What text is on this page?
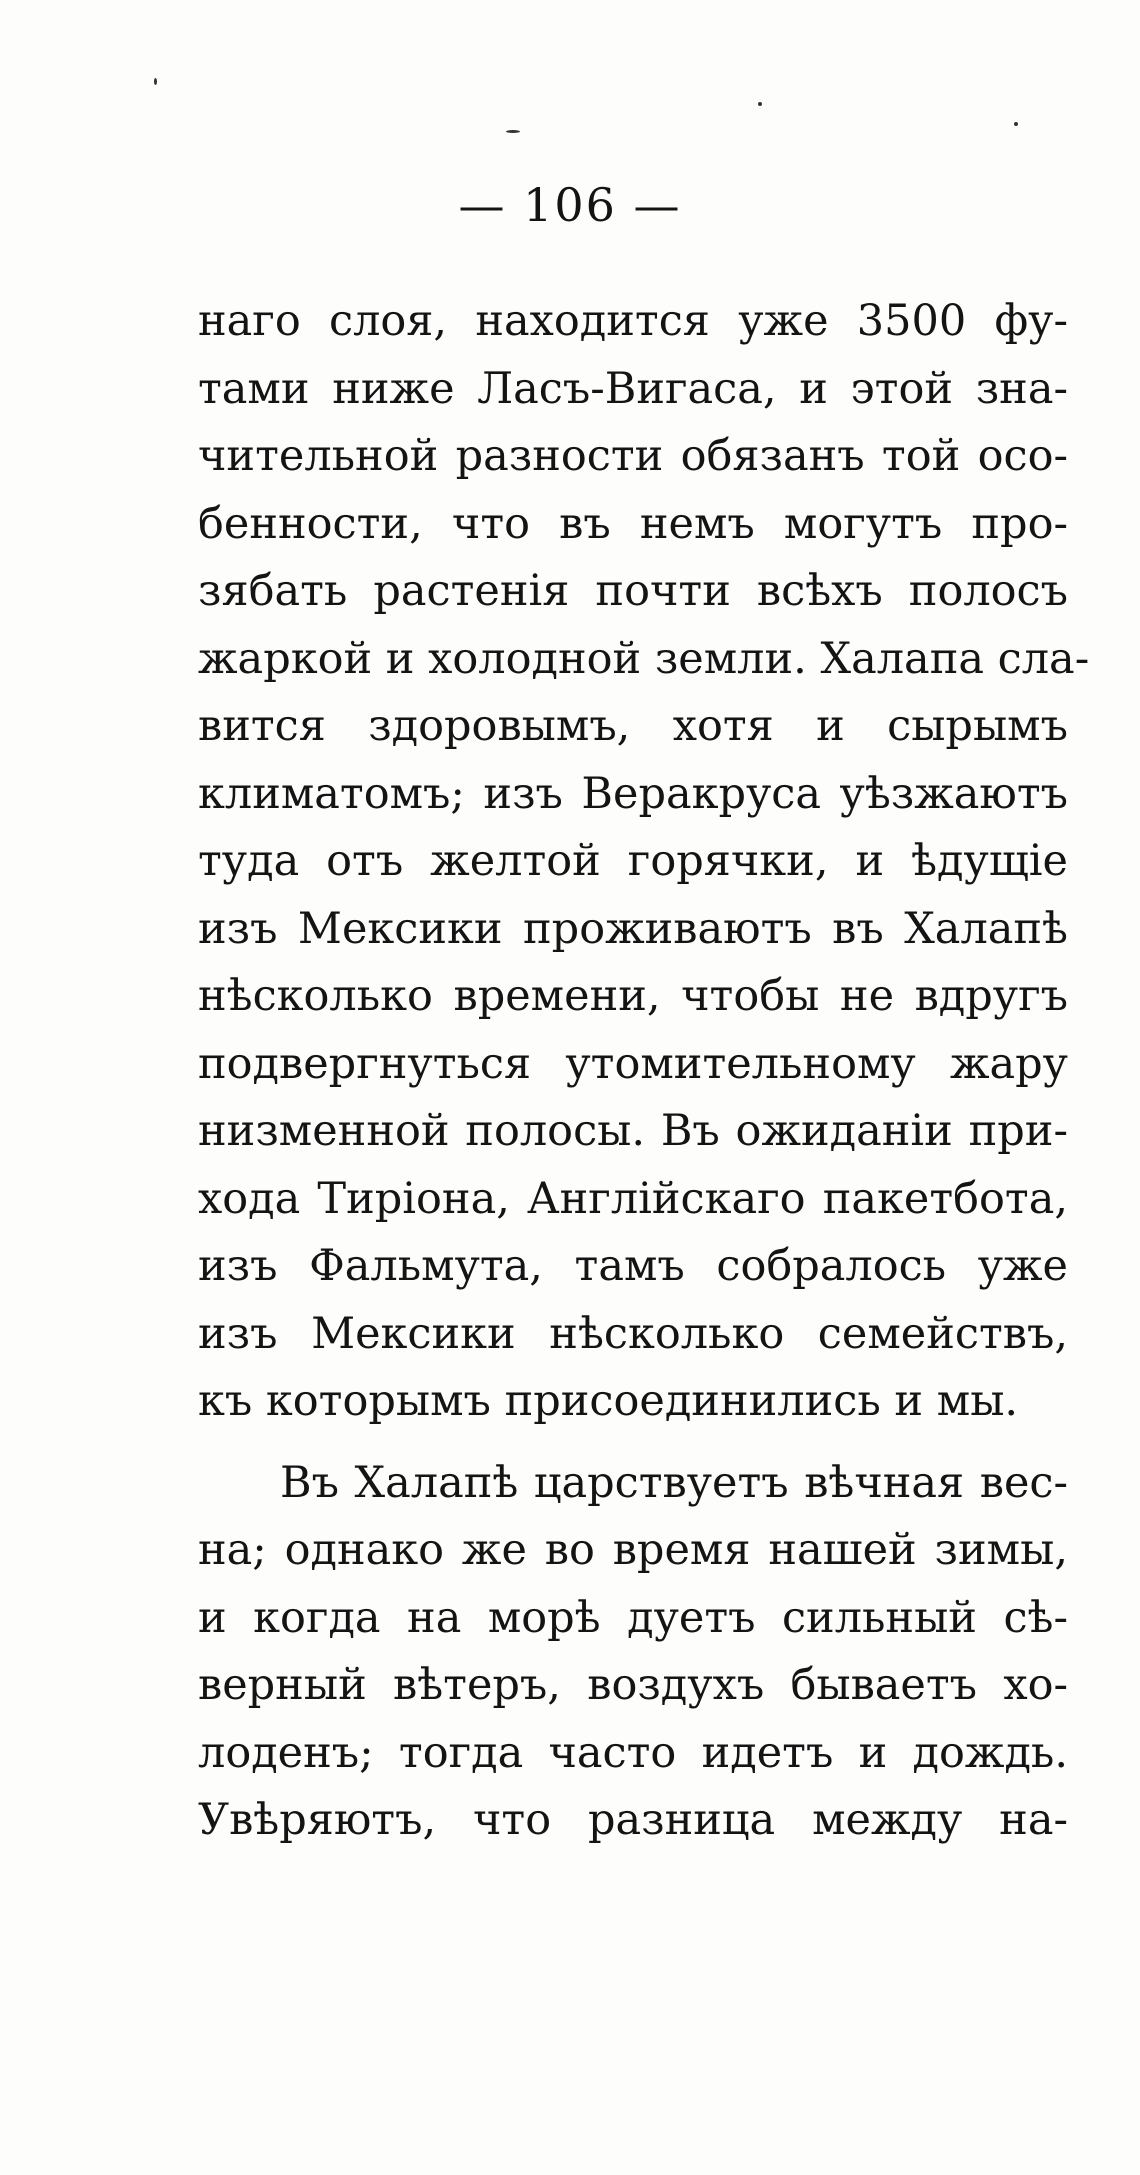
— 106 —
наго слоя, находится уже 3500 фу-
тами ниже Ласъ-Вигаса, и этой зна-
чительной разности обязанъ той осо-
бенности, что въ немъ могутъ про-
зябать растенія почти всѣхъ полосъ
жаркой и холодной земли. Халапа сла-
вится здоровымъ, хотя и сырымъ
климатомъ; изъ Веракруса уѣзжаютъ
туда отъ желтой горячки, и ѣдущіе
изъ Мексики проживаютъ въ Халапѣ
нѣсколько времени, чтобы не вдругъ
подвергнуться утомительному жару
низменной полосы. Въ ожиданіи при-
хода Тиріона, Англійскаго пакетбота,
изъ Фальмута, тамъ собралось уже
изъ Мексики нѣсколько семействъ,
къ которымъ присоединились и мы.
Въ Халапѣ царствуетъ вѣчная вес-
на; однако же во время нашей зимы,
и когда на морѣ дуетъ сильный сѣ-
верный вѣтеръ, воздухъ бываетъ хо-
лоденъ; тогда часто идетъ и дождь.
Увѣряютъ, что разница между на-
